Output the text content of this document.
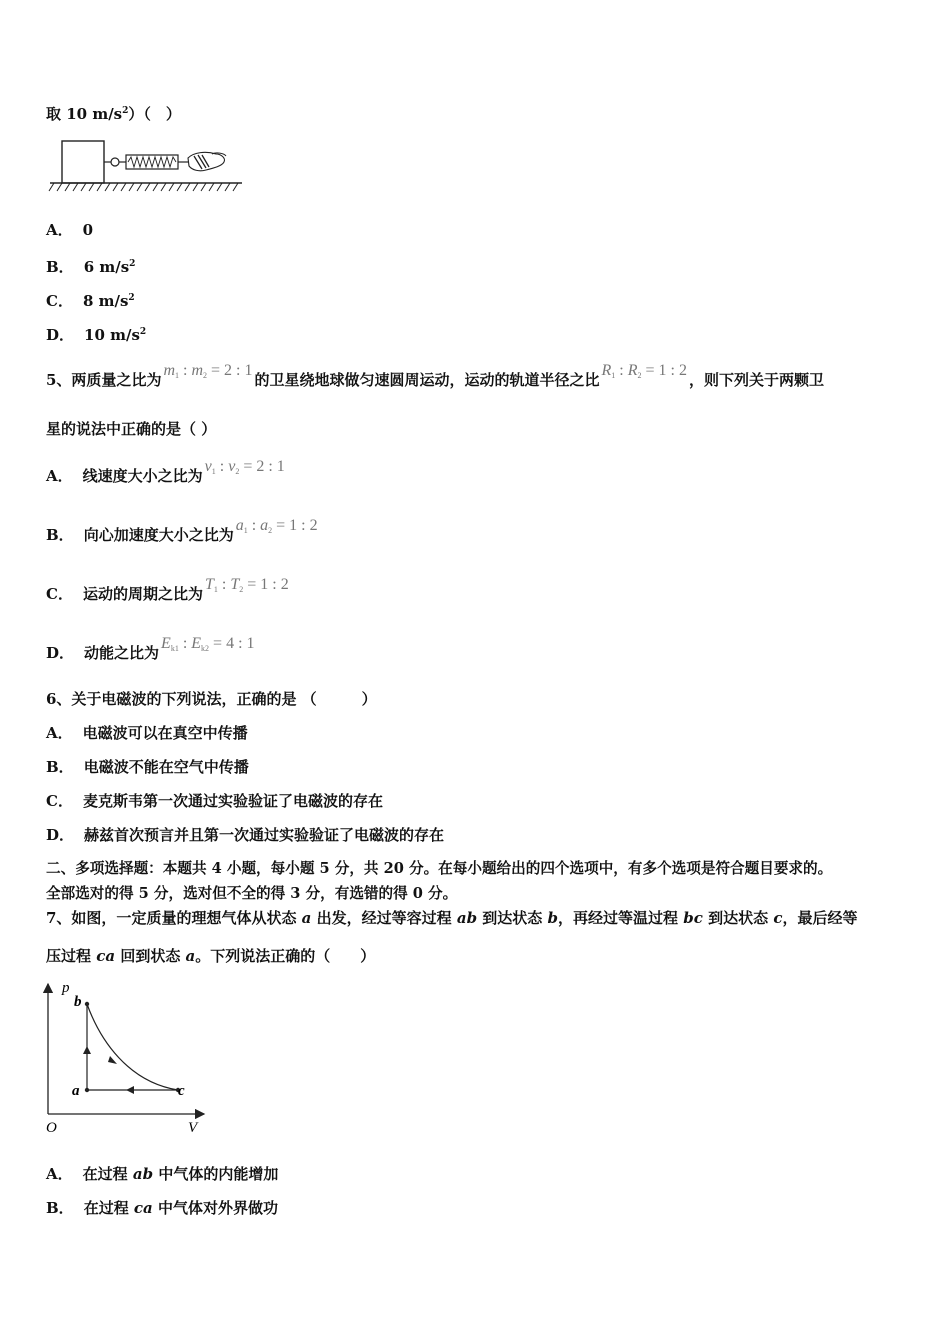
取 10 $m/s^2$）（　）
A． 0
B． 6 $m/s^2$
C． 8 $m/s^2$
D． 10 $m/s^2$
5、两质量之比为$m_1$ : $m_2 = 2$ : 1的卫星绕地球做匀速圆周运动，运动的轨道半径之比$R_1$ : $R_2 = 1$ : 2，则下列关于两颗卫
星的说法中正确的是（ ）
A． 线速度大小之比为$v_1$ : $v_2 = 2$ : 1
B． 向心加速度大小之比为$a_1$ : $a_2 = 1$ : 2
C． 运动的周期之比为$T_1$ : $T_2 = 1$ : 2
D． 动能之比为$E_{k1}$ : $E_{k2} = 4$ : 1
6、关于电磁波的下列说法，正确的是 （　　　）
A． 电磁波可以在真空中传播
B． 电磁波不能在空气中传播
C． 麦克斯韦第一次通过实验验证了电磁波的存在
D． 赫兹首次预言并且第一次通过实验验证了电磁波的存在
二、多项选择题：本题共 4 小题，每小题 5 分，共 20 分。在每小题给出的四个选项中，有多个选项是符合题目要求的。
全部选对的得 5 分，选对但不全的得 3 分，有选错的得 0 分。
7、如图，一定质量的理想气体从状态 a 出发，经过等容过程 ab 到达状态 b，再经过等温过程 bc 到达状态 c，最后经等
压过程 ca 回到状态 a。下列说法正确的（　　）
p
V
O
b
a	c
A． 在过程 ab 中气体的内能增加
B． 在过程 ca 中气体对外界做功
